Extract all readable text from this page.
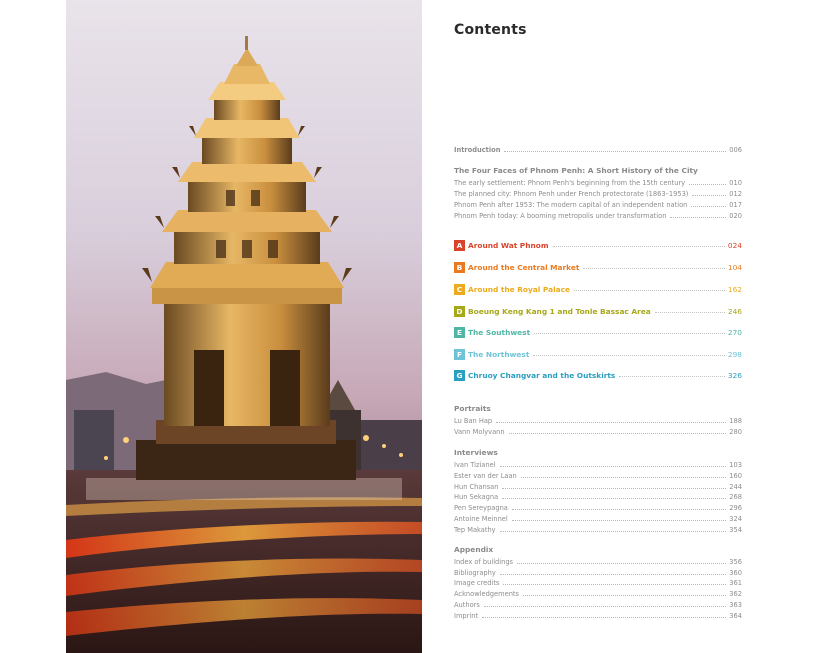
Contents
Introduction	006
The Four Faces of Phnom Penh: A Short History of the City
The early settlement: Phnom Penh's beginning from the 15th century	010
The planned city: Phnom Penh under French protectorate (1863–1953)	012
Phnom Penh after 1953: The modern capital of an independent nation	017
Phnom Penh today: A booming metropolis under transformation	020
A Around Wat Phnom	024
B Around the Central Market	104
C Around the Royal Palace	162
D Boeung Keng Kang 1 and Tonle Bassac Area	246
E The Southwest	270
F The Northwest	298
G Chruoy Changvar and the Outskirts	326
Portraits
Lu Ban Hap	188
Vann Molyvann	280
Interviews
Ivan Tizianel	103
Ester van der Laan	160
Hun Chansan	244
Hun Sekagna	268
Pen Sereypagna	296
Antoine Meinnel	324
Tep Makathy	354
Appendix
Index of buildings	356
Bibliography	360
Image credits	361
Acknowledgements	362
Authors	363
Imprint	364
